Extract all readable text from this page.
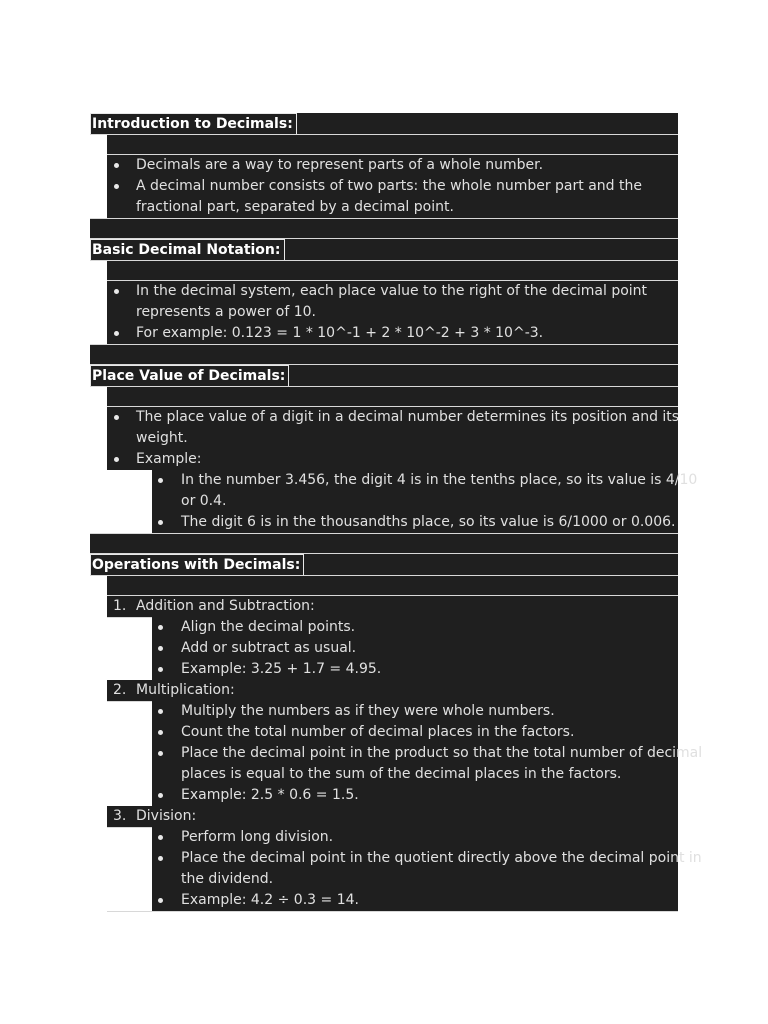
Introduction to Decimals:
Decimals are a way to represent parts of a whole number.
A decimal number consists of two parts: the whole number part and the
fractional part, separated by a decimal point.
Basic Decimal Notation:
In the decimal system, each place value to the right of the decimal point
represents a power of 10.
For example: 0.123 = 1 * 10^-1 + 2 * 10^-2 + 3 * 10^-3.
Place Value of Decimals:
The place value of a digit in a decimal number determines its position and its
weight.
Example:
In the number 3.456, the digit 4 is in the tenths place, so its value is 4/10
or 0.4.
The digit 6 is in the thousandths place, so its value is 6/1000 or 0.006.
Operations with Decimals:
1. Addition and Subtraction:
Align the decimal points.
Add or subtract as usual.
Example: 3.25 + 1.7 = 4.95.
2. Multiplication:
Multiply the numbers as if they were whole numbers.
Count the total number of decimal places in the factors.
Place the decimal point in the product so that the total number of decimal
places is equal to the sum of the decimal places in the factors.
Example: 2.5 * 0.6 = 1.5.
3. Division:
Perform long division.
Place the decimal point in the quotient directly above the decimal point in
the dividend.
Example: 4.2 ÷ 0.3 = 14.
